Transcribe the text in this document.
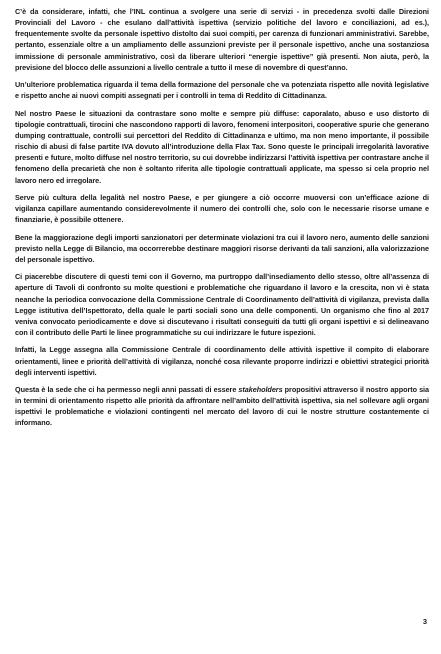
C’è da considerare, infatti, che l’INL continua a svolgere una serie di servizi - in precedenza svolti dalle Direzioni Provinciali del Lavoro - che esulano dall’attività ispettiva (servizio politiche del lavoro e conciliazioni, ad es.), frequentemente svolte da personale ispettivo distolto dai suoi compiti, per carenza di funzionari amministrativi. Sarebbe, pertanto, essenziale oltre a un ampliamento delle assunzioni previste per il personale ispettivo, anche una sostanziosa immissione di personale amministrativo, così da liberare ulteriori “energie ispettive” già presenti. Non aiuta, però, la previsione del blocco delle assunzioni a livello centrale a tutto il mese di novembre di quest’anno.

Un’ulteriore problematica riguarda il tema della formazione del personale che va potenziata rispetto alle novità legislative e rispetto anche ai nuovi compiti assegnati per i controlli in tema di Reddito di Cittadinanza.

Nel nostro Paese le situazioni da contrastare sono molte e sempre più diffuse: caporalato, abuso e uso distorto di tipologie contrattuali, tirocini che nascondono rapporti di lavoro, fenomeni interpositori, cooperative spurie che generano dumping contrattuale, controlli sui percettori del Reddito di Cittadinanza e ultimo, ma non meno importante, il possibile rischio di abusi di false partite IVA dovuto all’introduzione della Flax Tax. Sono queste le principali irregolarità lavorative presenti e future, molto diffuse nel nostro territorio, su cui dovrebbe indirizzarsi l’attività ispettiva per contrastare anche il fenomeno della precarietà che non è soltanto riferita alle tipologie contrattuali applicate, ma spesso si cela proprio nel lavoro nero ed irregolare.

Serve più cultura della legalità nel nostro Paese, e per giungere a ciò occorre muoversi con un’efficace azione di vigilanza capillare aumentando considerevolmente il numero dei controlli che, solo con le necessarie risorse umane e finanziarie, è possibile ottenere.

Bene la maggiorazione degli importi sanzionatori per determinate violazioni tra cui il lavoro nero, aumento delle sanzioni previsto nella Legge di Bilancio, ma occorrerebbe destinare maggiori risorse derivanti da tali sanzioni, alla valorizzazione del personale ispettivo.

Ci piacerebbe discutere di questi temi con il Governo, ma purtroppo dall’insediamento dello stesso, oltre all’assenza di aperture di Tavoli di confronto su molte questioni e problematiche che riguardano il lavoro e la crescita, non vi è stata neanche la periodica convocazione della Commissione Centrale di Coordinamento dell’attività di vigilanza, prevista dalla Legge istitutiva dell’Ispettorato, della quale le parti sociali sono una delle componenti. Un organismo che fino al 2017 veniva convocato periodicamente e dove si discutevano i risultati conseguiti da tutti gli organi ispettivi e si delineavano con il contributo delle Parti le linee programmatiche su cui indirizzare le future ispezioni.

Infatti, la Legge assegna alla Commissione Centrale di coordinamento delle attività ispettive il compito di elaborare orientamenti, linee e priorità dell’attività di vigilanza, nonché cosa rilevante proporre indirizzi e obiettivi strategici priorità degli interventi ispettivi.

Questa è la sede che ci ha permesso negli anni passati di essere stakeholders propositivi attraverso il nostro apporto sia in termini di orientamento rispetto alle priorità da affrontare nell’ambito dell’attività ispettiva, sia nel sollevare agli organi ispettivi le problematiche e violazioni contingenti nel mercato del lavoro di cui le nostre strutture costantemente ci informano.

3
